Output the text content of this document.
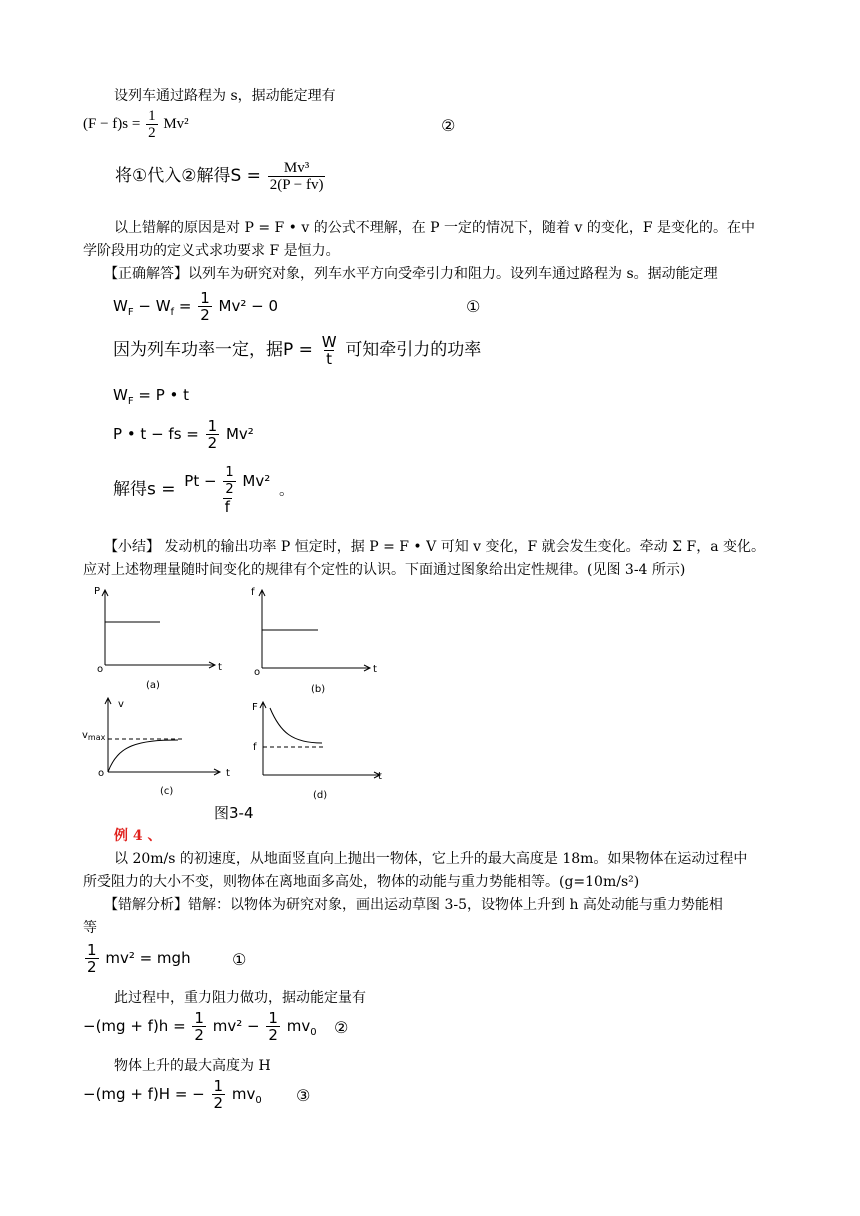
设列车通过路程为 s，据动能定理有
$(F - f)s = \frac{1}{2} Mv^2$	②
将①代入②解得$S = \frac{\text{Mv³}}{2(P - fv)}$
以上错解的原因是对 P = F • v 的公式不理解，在 P 一定的情况下，随着 v 的变化，F 是变化的。在中
学阶段用功的定义式求功要求 F 是恒力。
【正确解答】以列车为研究对象，列车水平方向受牵引力和阻力。设列车通过路程为 s。据动能定理
$W_F - W_f = \frac{1}{2} Mv^2 - 0$	①
因为列车功率一定，据$P = \frac{W}{t}$ 可知牵引力的功率
$W_F = P$ • t
P • t − fs = $\frac{1}{2} Mv^2$
解得$s = \frac{Pt - \frac{1}{2} Mv^2}{f}$ 。
【小结】 发动机的输出功率 P 恒定时，据 P = F • V 可知 v 变化，F 就会发生变化。牵动 Σ F，a 变化。
应对上述物理量随时间变化的规律有个定性的认识。下面通过图象给出定性规律。(见图 3-4 所示)
P
t
o
(a)
f
t
o
(b)
v
t
o
$v_{max}$
(c)
F
t
f
(d)
图3-4
例 4 、
以 20m/s 的初速度，从地面竖直向上抛出一物体，它上升的最大高度是 18m。如果物体在运动过程中
所受阻力的大小不变，则物体在离地面多高处，物体的动能与重力势能相等。(g=10m/s²)
【错解分析】错解：以物体为研究对象，画出运动草图 3-5，设物体上升到 h 高处动能与重力势能相
等
$\frac{1}{2} mv^2$ = mgh	①
此过程中，重力阻力做功，据动能定量有
$-(mg + f)h = \frac{1}{2} mv^2 - \frac{1}{2} mv_0$ ②
物体上升的最大高度为 H
−(mg + f)H = − $\frac{1}{2} mv_0$ ③
